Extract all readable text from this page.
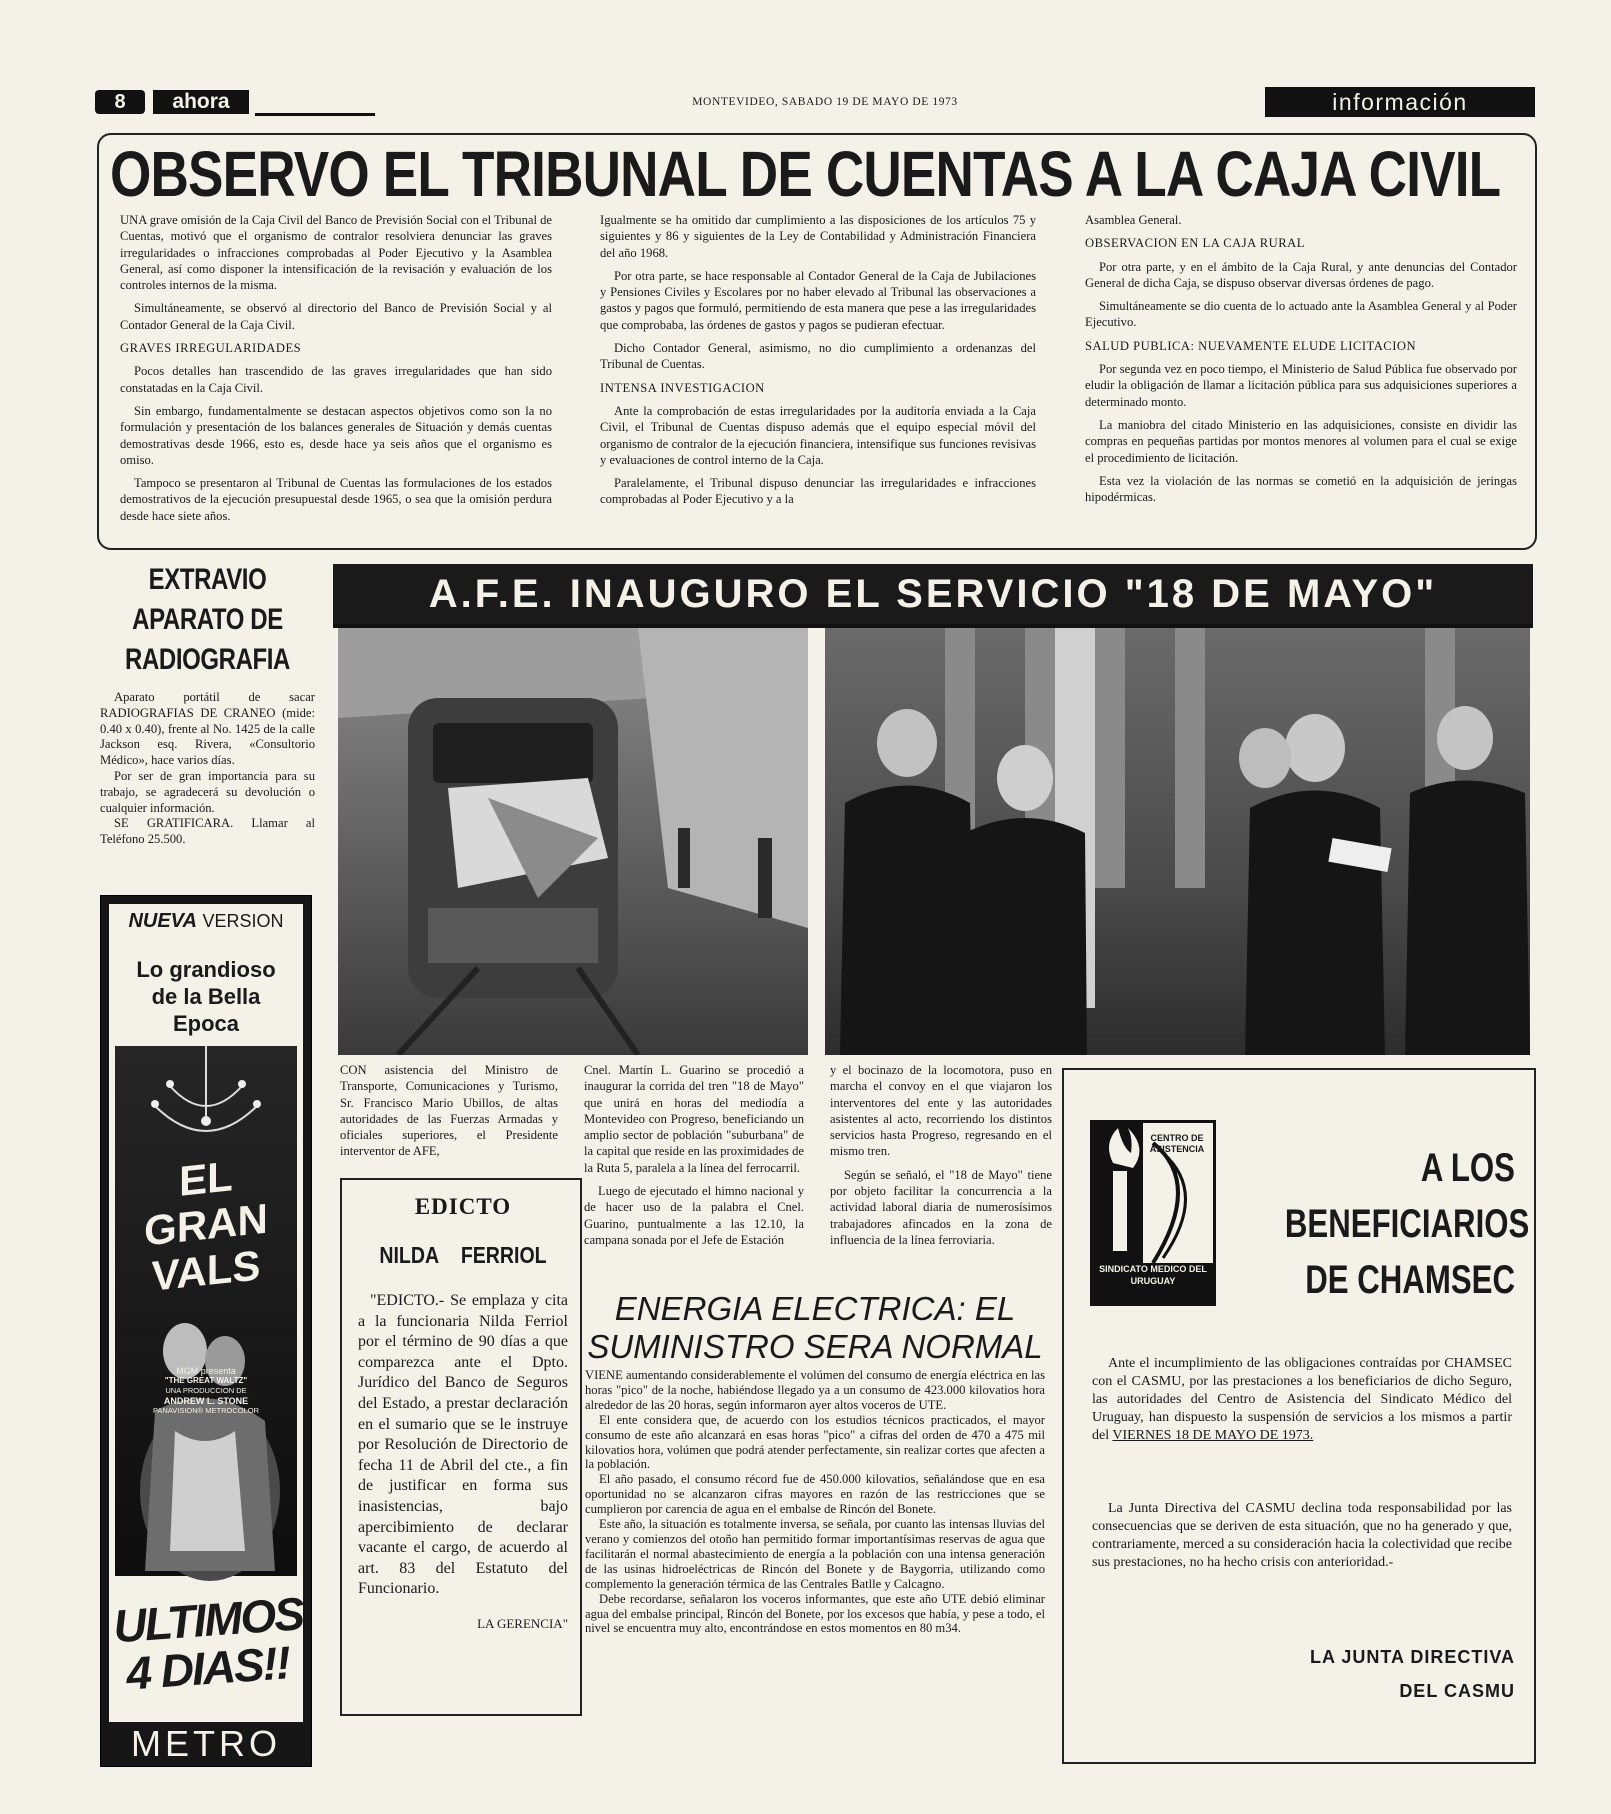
8	ahora	MONTEVIDEO, SABADO 19 DE MAYO DE 1973	información
OBSERVO EL TRIBUNAL DE CUENTAS A LA CAJA CIVIL

UNA grave omisión de la Caja Civil del Banco de Previsión Social con el Tribunal de Cuentas, motivó que el organismo de contralor resolviera denunciar las graves irregularidades o infracciones comprobadas al Poder Ejecutivo y la Asamblea General, así como disponer la intensificación de la revisación y evaluación de los controles internos de la misma.

Simultáneamente, se observó al directorio del Banco de Previsión Social y al Contador General de la Caja Civil.

GRAVES IRREGULARIDADES

Pocos detalles han trascendido de las graves irregularidades que han sido constatadas en la Caja Civil.

Sin embargo, fundamentalmente se destacan aspectos objetivos como son la no formulación y presentación de los balances generales de Situación y demás cuentas demostrativas desde 1966, esto es, desde hace ya seis años que el organismo es omiso.

Tampoco se presentaron al Tribunal de Cuentas las formulaciones de los estados demostrativos de la ejecución presupuestal desde 1965, o sea que la omisión perdura desde hace siete años.

Igualmente se ha omitido dar cumplimiento a las disposiciones de los artículos 75 y siguientes y 86 y siguientes de la Ley de Contabilidad y Administración Financiera del año 1968.

Por otra parte, se hace responsable al Contador General de la Caja de Jubilaciones y Pensiones Civiles y Escolares por no haber elevado al Tribunal las observaciones a gastos y pagos que formuló, permitiendo de esta manera que pese a las irregularidades que comprobaba, las órdenes de gastos y pagos se pudieran efectuar.

Dicho Contador General, asimismo, no dio cumplimiento a ordenanzas del Tribunal de Cuentas.

INTENSA INVESTIGACION

Ante la comprobación de estas irregularidades por la auditoría enviada a la Caja Civil, el Tribunal de Cuentas dispuso además que el equipo especial móvil del organismo de contralor de la ejecución financiera, intensifique sus funciones revisivas y evaluaciones de control interno de la Caja.

Paralelamente, el Tribunal dispuso denunciar las irregularidades e infracciones comprobadas al Poder Ejecutivo y a la

Asamblea General.

OBSERVACION EN LA CAJA RURAL

Por otra parte, y en el ámbito de la Caja Rural, y ante denuncias del Contador General de dicha Caja, se dispuso observar diversas órdenes de pago.

Simultáneamente se dio cuenta de lo actuado ante la Asamblea General y al Poder Ejecutivo.

SALUD PUBLICA: NUEVAMENTE ELUDE LICITACION

Por segunda vez en poco tiempo, el Ministerio de Salud Pública fue observado por eludir la obligación de llamar a licitación pública para sus adquisiciones superiores a determinado monto.

La maniobra del citado Ministerio en las adquisiciones, consiste en dividir las compras en pequeñas partidas por montos menores al volumen para el cual se exige el procedimiento de licitación.

Esta vez la violación de las normas se cometió en la adquisición de jeringas hipodérmicas.

EXTRAVIO
APARATO DE
RADIOGRAFIA

Aparato portátil de sacar RADIOGRAFIAS DE CRANEO (mide: 0.40 x 0.40), frente al No. 1425 de la calle Jackson esq. Rivera, «Consultorio Médico», hace varios días.

Por ser de gran importancia para su trabajo, se agradecerá su devolución o cualquier información.

SE GRATIFICARA. Llamar al Teléfono 25.500.

NUEVA VERSION
Lo grandioso de la Bella Epoca
EL
GRAN
VALS
MGM presenta
"THE GREAT WALTZ"
UNA PRODUCCION DE
ANDREW L. STONE
PANAVISION® METROCOLOR
ULTIMOS 4 DIAS!!
METRO
A.F.E. INAUGURO EL SERVICIO "18 DE MAYO"

CON asistencia del Ministro de Transporte, Comunicaciones y Turismo, Sr. Francisco Mario Ubillos, de altas autoridades de las Fuerzas Armadas y oficiales superiores, el Presidente interventor de AFE,

Cnel. Martín L. Guarino se procedió a inaugurar la corrida del tren "18 de Mayo" que unirá en horas del mediodía a Montevideo con Progreso, beneficiando un amplio sector de población "suburbana" de la capital que reside en las proximidades de la Ruta 5, paralela a la línea del ferrocarril.

Luego de ejecutado el himno nacional y de hacer uso de la palabra el Cnel. Guarino, puntualmente a las 12.10, la campana sonada por el Jefe de Estación

y el bocinazo de la locomotora, puso en marcha el convoy en el que viajaron los interventores del ente y las autoridades asistentes al acto, recorriendo los distintos servicios hasta Progreso, regresando en el mismo tren.

Según se señaló, el "18 de Mayo" tiene por objeto facilitar la concurrencia a la actividad laboral diaria de numerosísimos trabajadores afincados en la zona de influencia de la línea ferroviaria.

EDICTO
NILDA FERRIOL
"EDICTO.- Se emplaza y cita a la funcionaria Nilda Ferriol por el término de 90 días a que comparezca ante el Dpto. Jurídico del Banco de Seguros del Estado, a prestar declaración en el sumario que se le instruye por Resolución de Directorio de fecha 11 de Abril del cte., a fin de justificar en forma sus inasistencias, bajo apercibimiento de declarar vacante el cargo, de acuerdo al art. 83 del Estatuto del Funcionario.
LA GERENCIA"
ENERGIA ELECTRICA: EL SUMINISTRO SERA NORMAL

VIENE aumentando considerablemente el volúmen del consumo de energía eléctrica en las horas "pico" de la noche, habiéndose llegado ya a un consumo de 423.000 kilovatios hora alrededor de las 20 horas, según informaron ayer altos voceros de UTE.

El ente considera que, de acuerdo con los estudios técnicos practicados, el mayor consumo de este año alcanzará en esas horas "pico" a cifras del orden de 470 a 475 mil kilovatios hora, volúmen que podrá atender perfectamente, sin realizar cortes que afecten a la población.

El año pasado, el consumo récord fue de 450.000 kilovatios, señalándose que en esa oportunidad no se alcanzaron cifras mayores en razón de las restricciones que se cumplieron por carencia de agua en el embalse de Rincón del Bonete.

Este año, la situación es totalmente inversa, se señala, por cuanto las intensas lluvias del verano y comienzos del otoño han permitido formar importantísimas reservas de agua que facilitarán el normal abastecimiento de energía a la población con una intensa generación de las usinas hidroeléctricas de Rincón del Bonete y de Baygorria, utilizando como complemento la generación térmica de las Centrales Batlle y Calcagno.

Debe recordarse, señalaron los voceros informantes, que este año UTE debió eliminar agua del embalse principal, Rincón del Bonete, por los excesos que había, y pese a todo, el nivel se encuentra muy alto, encontrándose en estos momentos en 80 m34.

CENTRO DE ASISTENCIA
SINDICATO MEDICO DEL URUGUAY
A LOS
BENEFICIARIOS
DE CHAMSEC
Ante el incumplimiento de las obligaciones contraídas por CHAMSEC con el CASMU, por las prestaciones a los beneficiarios de dicho Seguro, las autoridades del Centro de Asistencia del Sindicato Médico del Uruguay, han dispuesto la suspensión de servicios a los mismos a partir del VIERNES 18 DE MAYO DE 1973.
La Junta Directiva del CASMU declina toda responsabilidad por las consecuencias que se deriven de esta situación, que no ha generado y que, contrariamente, merced a su consideración hacia la colectividad que recibe sus prestaciones, no ha hecho crisis con anterioridad.-
LA JUNTA DIRECTIVA
DEL CASMU
